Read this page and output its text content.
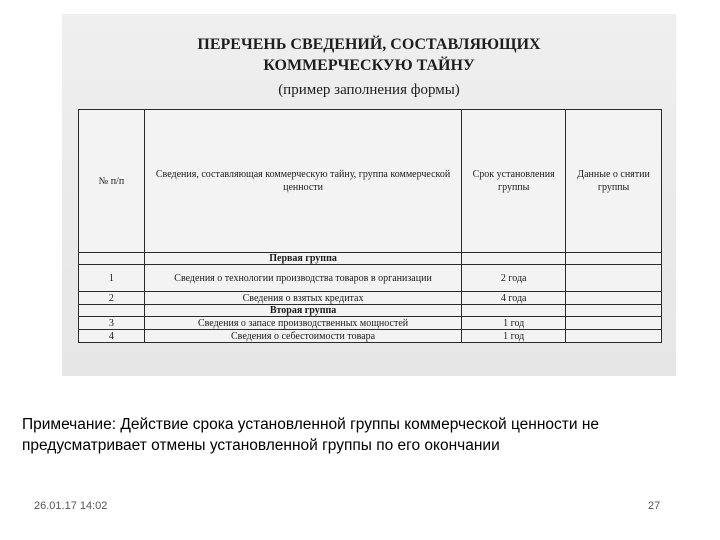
ПЕРЕЧЕНЬ СВЕДЕНИЙ, СОСТАВЛЯЮЩИХ
КОММЕРЧЕСКУЮ ТАЙНУ
(пример заполнения формы)
№ п/п	Сведения, составляющая коммерческую тайну, группа коммерческой ценности	Срок установления группы	Данные о снятии группы
	Первая группа		
1	Сведения о технологии производства товаров в организации	2 года	
2	Сведения о взятых кредитах	4 года	
	Вторая группа		
3	Сведения о запасе производственных мощностей	1 год	
4	Сведения о себестоимости товара	1 год	
Примечание: Действие срока установленной группы коммерческой ценности не предусматривает отмены установленной группы по его окончании
26.01.17 14:02	27
